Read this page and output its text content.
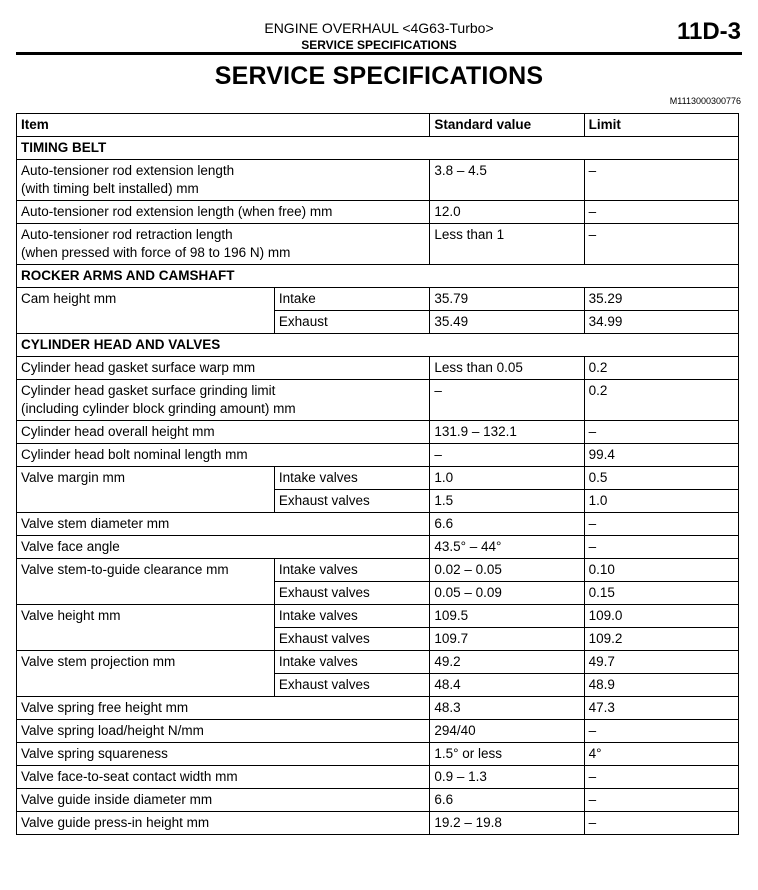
ENGINE OVERHAUL <4G63-Turbo>
SERVICE SPECIFICATIONS	11D-3
SERVICE SPECIFICATIONS
M1113000300776
Item		Standard value	Limit
TIMING BELT			
Auto-tensioner rod extension length
(with timing belt installed) mm		3.8 – 4.5	–
Auto-tensioner rod extension length (when free) mm		12.0	–
Auto-tensioner rod retraction length
(when pressed with force of 98 to 196 N) mm		Less than 1	–
ROCKER ARMS AND CAMSHAFT			
Cam height mm	Intake	35.79	35.29
	Exhaust	35.49	34.99
CYLINDER HEAD AND VALVES			
Cylinder head gasket surface warp mm		Less than 0.05	0.2
Cylinder head gasket surface grinding limit
(including cylinder block grinding amount) mm		–	0.2
Cylinder head overall height mm		131.9 – 132.1	–
Cylinder head bolt nominal length mm		–	99.4
Valve margin mm	Intake valves	1.0	0.5
	Exhaust valves	1.5	1.0
Valve stem diameter mm		6.6	–
Valve face angle		43.5° – 44°	–
Valve stem-to-guide clearance mm	Intake valves	0.02 – 0.05	0.10
	Exhaust valves	0.05 – 0.09	0.15
Valve height mm	Intake valves	109.5	109.0
	Exhaust valves	109.7	109.2
Valve stem projection mm	Intake valves	49.2	49.7
	Exhaust valves	48.4	48.9
Valve spring free height mm		48.3	47.3
Valve spring load/height N/mm		294/40	–
Valve spring squareness		1.5° or less	4°
Valve face-to-seat contact width mm		0.9 – 1.3	–
Valve guide inside diameter mm		6.6	–
Valve guide press-in height mm		19.2 – 19.8	–
